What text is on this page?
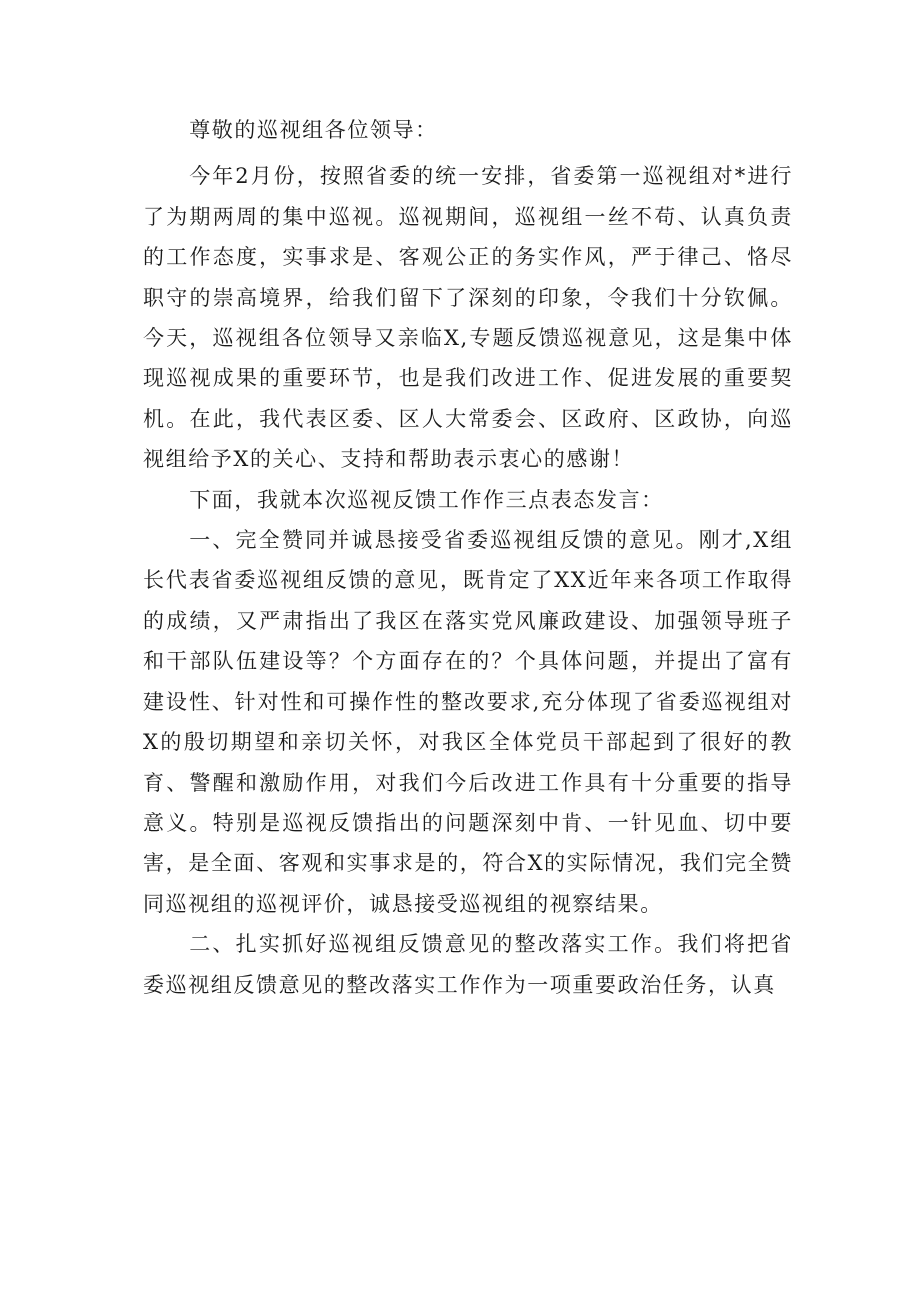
尊敬的巡视组各位领导：

今年2月份，按照省委的统一安排，省委第一巡视组对*进行了为期两周的集中巡视。巡视期间，巡视组一丝不苟、认真负责的工作态度，实事求是、客观公正的务实作风，严于律己、恪尽职守的崇高境界，给我们留下了深刻的印象，令我们十分钦佩。今天，巡视组各位领导又亲临X,专题反馈巡视意见，这是集中体现巡视成果的重要环节，也是我们改进工作、促进发展的重要契机。在此，我代表区委、区人大常委会、区政府、区政协，向巡视组给予X的关心、支持和帮助表示衷心的感谢！

下面，我就本次巡视反馈工作作三点表态发言：

一、完全赞同并诚恳接受省委巡视组反馈的意见。刚才,X组长代表省委巡视组反馈的意见，既肯定了XX近年来各项工作取得的成绩，又严肃指出了我区在落实党风廉政建设、加强领导班子和干部队伍建设等？个方面存在的？个具体问题，并提出了富有建设性、针对性和可操作性的整改要求,充分体现了省委巡视组对X的殷切期望和亲切关怀，对我区全体党员干部起到了很好的教育、警醒和激励作用，对我们今后改进工作具有十分重要的指导意义。特别是巡视反馈指出的问题深刻中肯、一针见血、切中要害，是全面、客观和实事求是的，符合X的实际情况，我们完全赞同巡视组的巡视评价，诚恳接受巡视组的视察结果。

二、扎实抓好巡视组反馈意见的整改落实工作。我们将把省委巡视组反馈意见的整改落实工作作为一项重要政治任务，认真
